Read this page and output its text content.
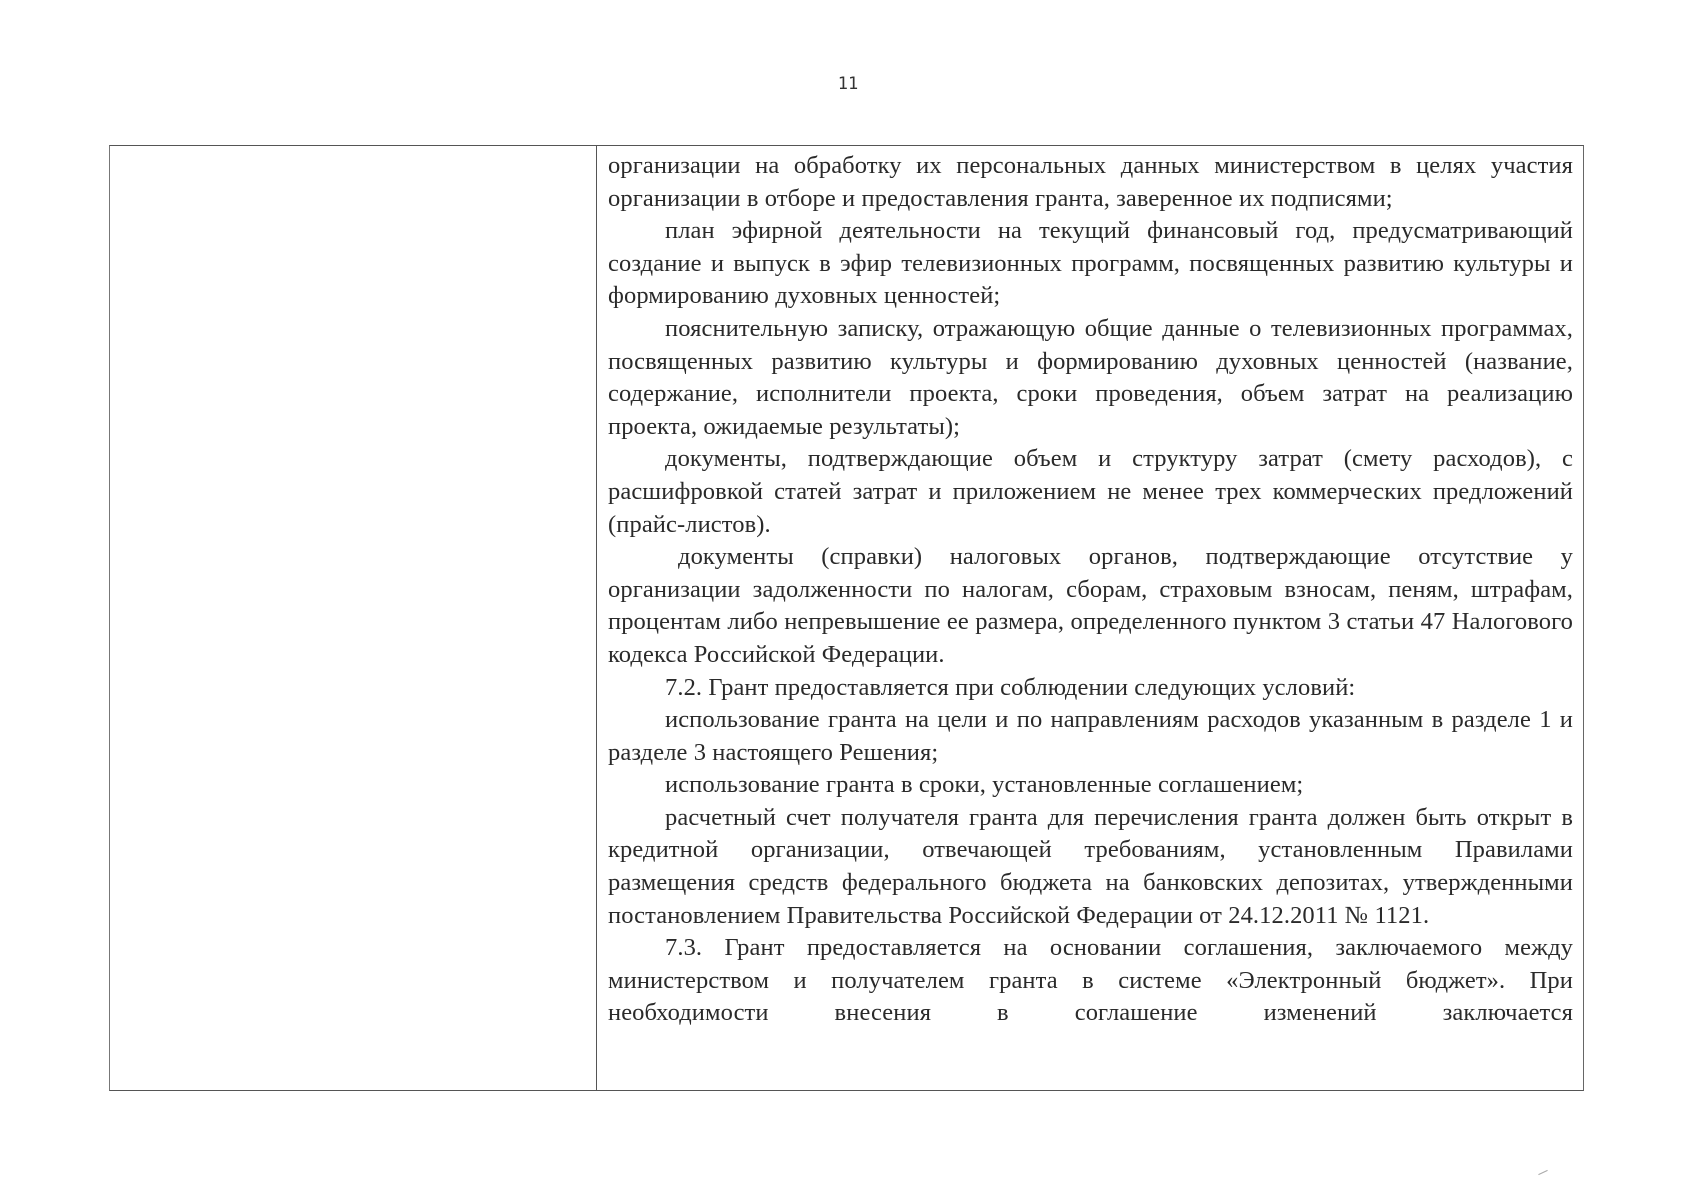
11

организации на обработку их персональных данных министерством в целях участия организации в отборе и предоставления гранта, заверенное их подписями;

план эфирной деятельности на текущий финансовый год, предусматривающий создание и выпуск в эфир телевизионных программ, посвященных развитию культуры и формированию духовных ценностей;

пояснительную записку, отражающую общие данные о телевизионных программах, посвященных развитию культуры и формированию духовных ценностей (название, содержание, исполнители проекта, сроки проведения, объем затрат на реализацию проекта, ожидаемые результаты);

документы, подтверждающие объем и структуру затрат (смету расходов), с расшифровкой статей затрат и приложением не менее трех коммерческих предложений (прайс-листов).

документы (справки) налоговых органов, подтверждающие отсутствие у организации задолженности по налогам, сборам, страховым взносам, пеням, штрафам, процентам либо непревышение ее размера, определенного пунктом 3 статьи 47 Налогового кодекса Российской Федерации.

7.2. Грант предоставляется при соблюдении следующих условий:

использование гранта на цели и по направлениям расходов указанным в разделе 1 и разделе 3 настоящего Решения;

использование гранта в сроки, установленные соглашением;

расчетный счет получателя гранта для перечисления гранта должен быть открыт в кредитной организации, отвечающей требованиям, установленным Правилами размещения средств федерального бюджета на банковских депозитах, утвержденными постановлением Правительства Российской Федерации от 24.12.2011 № 1121.

7.3. Грант предоставляется на основании соглашения, заключаемого между министерством и получателем гранта в системе «Электронный бюджет». При необходимости внесения в соглашение изменений заключается
